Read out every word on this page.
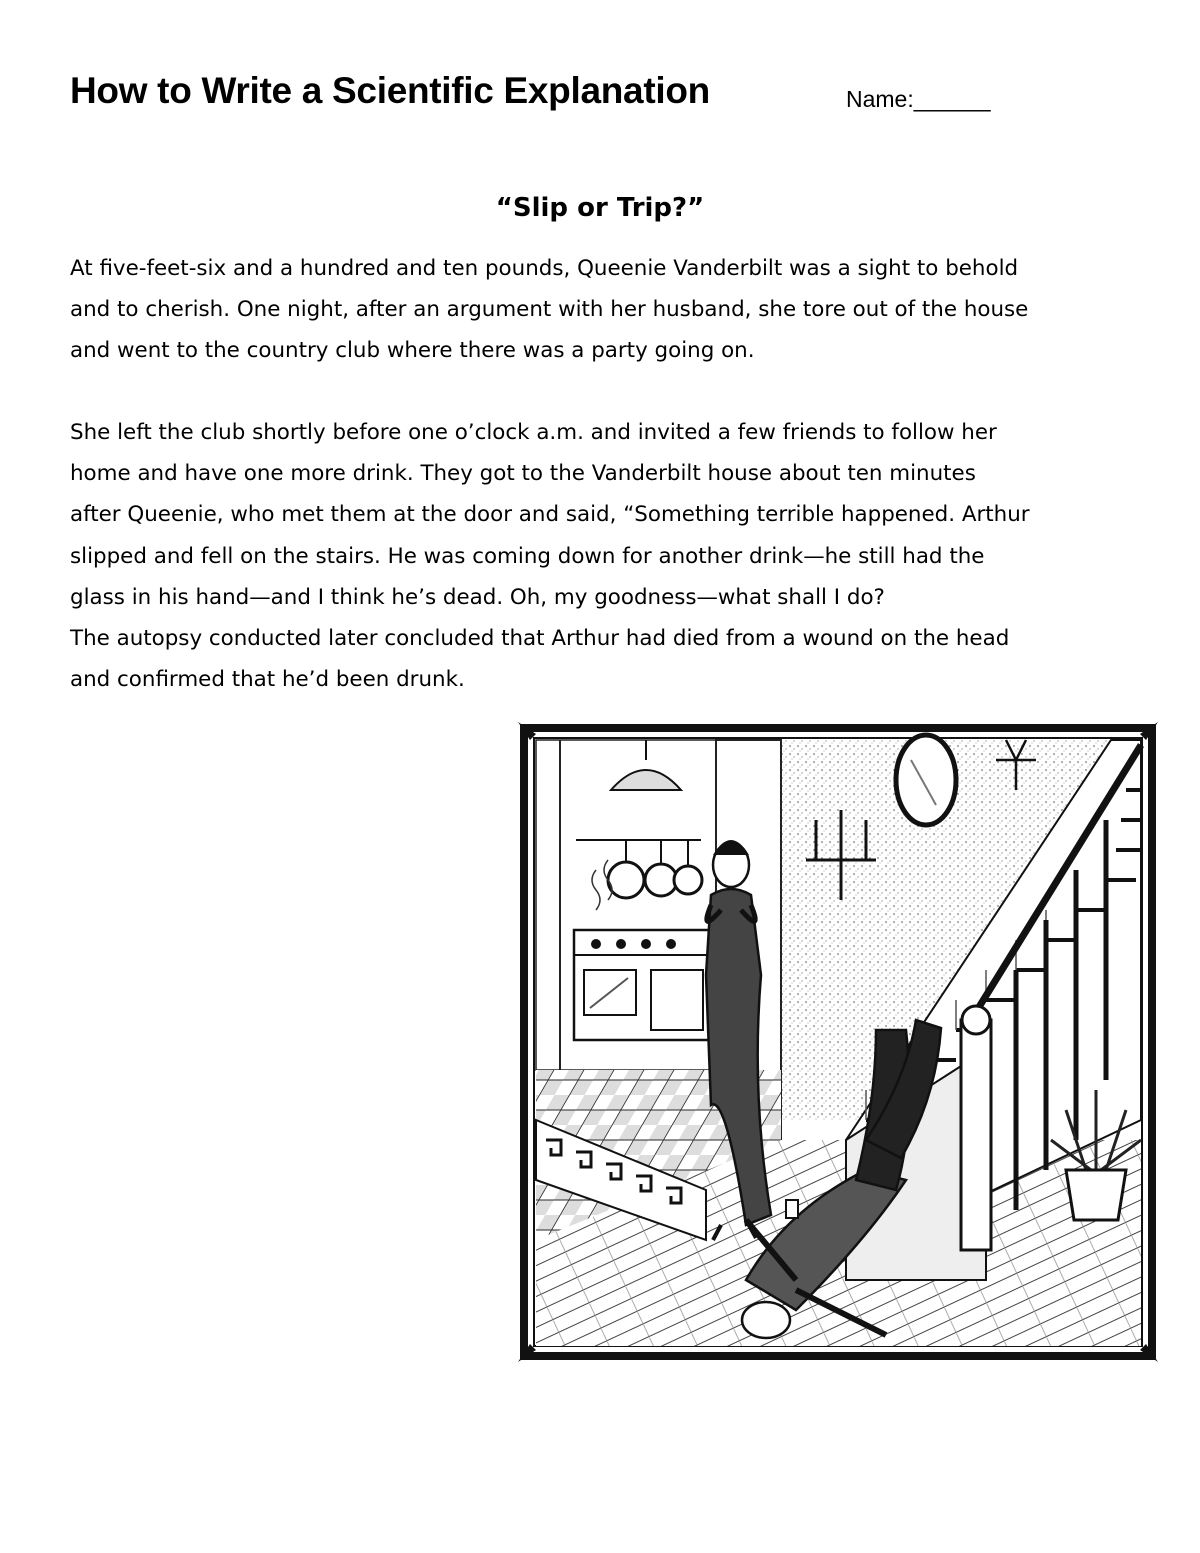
How to Write a Scientific Explanation	Name:______
“Slip or Trip?”

At five-feet-six and a hundred and ten pounds, Queenie Vanderbilt was a sight to behold
and to cherish. One night, after an argument with her husband, she tore out of the house
and went to the country club where there was a party going on.

She left the club shortly before one o’clock a.m. and invited a few friends to follow her
home and have one more drink. They got to the Vanderbilt house about ten minutes
after Queenie, who met them at the door and said, “Something terrible happened. Arthur
slipped and fell on the stairs. He was coming down for another drink—he still had the
glass in his hand—and I think he’s dead. Oh, my goodness—what shall I do?
The autopsy conducted later concluded that Arthur had died from a wound on the head
and confirmed that he’d been drunk.
